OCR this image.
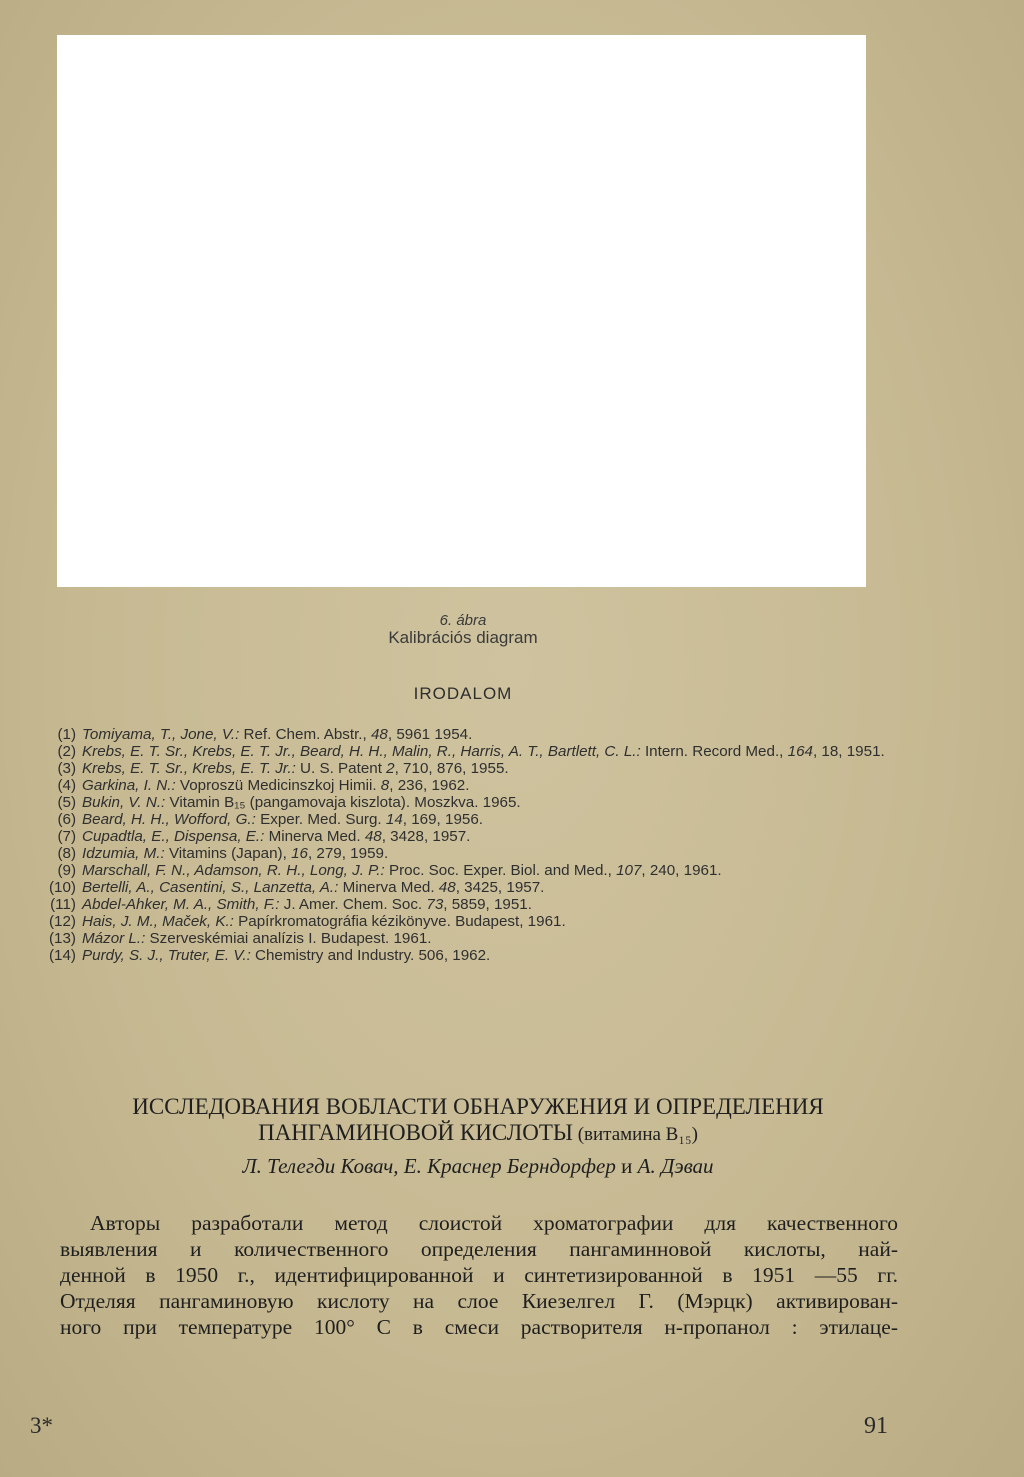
6. ábra
Kalibrációs diagram
IRODALOM
(1) Tomiyama, T., Jone, V.: Ref. Chem. Abstr., 48, 5961 1954.
(2) Krebs, E. T. Sr., Krebs, E. T. Jr., Beard, H. H., Malin, R., Harris, A. T., Bartlett, C. L.: Intern. Record Med., 164, 18, 1951.
(3) Krebs, E. T. Sr., Krebs, E. T. Jr.: U. S. Patent 2, 710, 876, 1955.
(4) Garkina, I. N.: Voproszü Medicinszkoj Himii. 8, 236, 1962.
(5) Bukin, V. N.: Vitamin B₁₅ (pangamovaja kiszlota). Moszkva. 1965.
(6) Beard, H. H., Wofford, G.: Exper. Med. Surg. 14, 169, 1956.
(7) Cupadtla, E., Dispensa, E.: Minerva Med. 48, 3428, 1957.
(8) Idzumia, M.: Vitamins (Japan), 16, 279, 1959.
(9) Marschall, F. N., Adamson, R. H., Long, J. P.: Proc. Soc. Exper. Biol. and Med., 107, 240, 1961.
(10) Bertelli, A., Casentini, S., Lanzetta, A.: Minerva Med. 48, 3425, 1957.
(11) Abdel-Ahker, M. A., Smith, F.: J. Amer. Chem. Soc. 73, 5859, 1951.
(12) Hais, J. M., Maček, K.: Papírkromatográfia kézikönyve. Budapest, 1961.
(13) Mázor L.: Szerveskémiai analízis I. Budapest. 1961.
(14) Purdy, S. J., Truter, E. V.: Chemistry and Industry. 506, 1962.
ИССЛЕДОВАНИЯ ВОБЛАСТИ ОБНАРУЖЕНИЯ И ОПРЕДЕЛЕНИЯ
ПАНГАМИНОВОЙ КИСЛОТЫ (витамина B₁₅)
Л. Телегди Ковач, Е. Краснер Берндорфер и А. Дэваи
Авторы разработали метод слоистой хроматографии для качественного
выявления и количественного определения пангаминновой кислоты, най-
денной в 1950 г., идентифицированной и синтетизированной в 1951 —55 гг.
Отделяя пангаминовую кислоту на слое Киезелгел Г. (Мэрцк) активирован-
ного при температуре 100° С в смеси растворителя н-пропанол : этилаце-
3*	91
